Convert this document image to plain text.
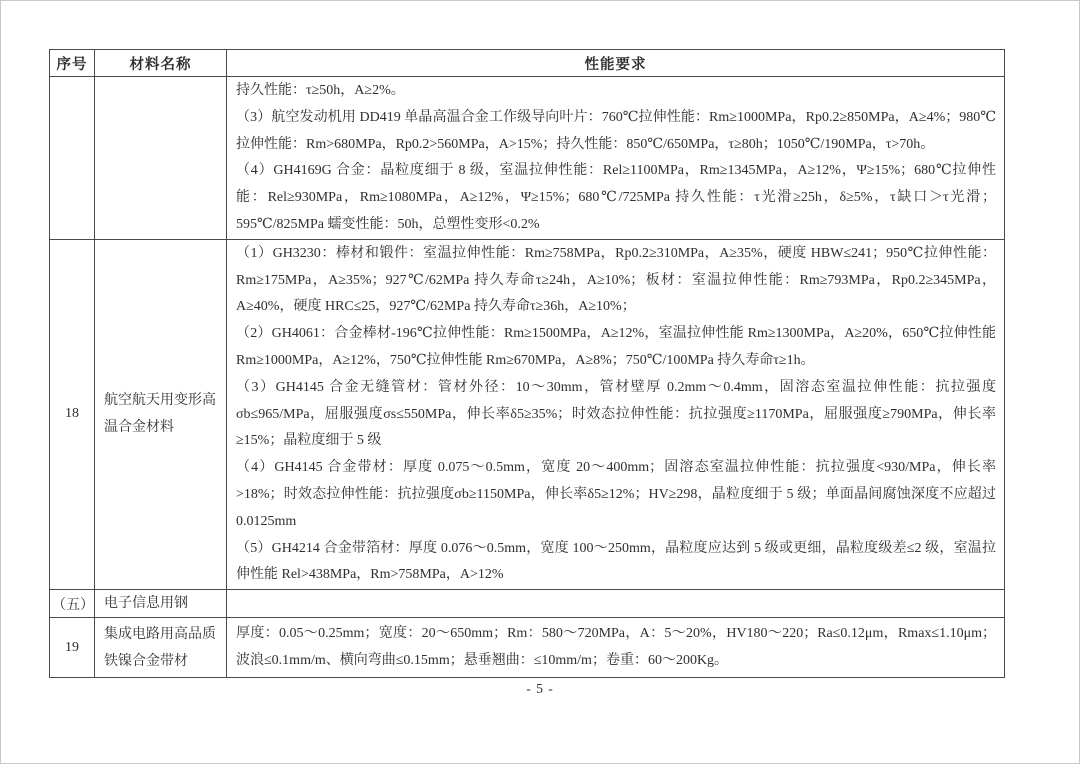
序号	材料名称	性能要求

		持久性能：τ≥50h，A≥2%。

（3）航空发动机用 DD419 单晶高温合金工作级导向叶片：760℃拉伸性能：Rm≥1000MPa，Rp0.2≥850MPa，A≥4%；980℃拉伸性能：Rm>680MPa，Rp0.2>560MPa，A>15%；持久性能：850℃/650MPa，τ≥80h；1050℃/190MPa，τ>70h。

（4）GH4169G 合金：晶粒度细于 8 级，室温拉伸性能：Rel≥1100MPa，Rm≥1345MPa，A≥12%，Ψ≥15%；680℃拉伸性能：Rel≥930MPa，Rm≥1080MPa，A≥12%，Ψ≥15%；680℃/725MPa 持久性能：τ光滑≥25h，δ≥5%，τ缺口＞τ光滑；595℃/825MPa 蠕变性能：50h，总塑性变形<0.2%

18	航空航天用变形高温合金材料	（1）GH3230：棒材和锻件：室温拉伸性能：Rm≥758MPa，Rp0.2≥310MPa，A≥35%，硬度 HBW≤241；950℃拉伸性能：Rm≥175MPa，A≥35%；927℃/62MPa 持久寿命τ≥24h，A≥10%；板材：室温拉伸性能：Rm≥793MPa，Rp0.2≥345MPa，A≥40%，硬度 HRC≤25，927℃/62MPa 持久寿命τ≥36h，A≥10%；

（2）GH4061：合金棒材-196℃拉伸性能：Rm≥1500MPa，A≥12%，室温拉伸性能 Rm≥1300MPa，A≥20%，650℃拉伸性能 Rm≥1000MPa，A≥12%，750℃拉伸性能 Rm≥670MPa，A≥8%；750℃/100MPa 持久寿命τ≥1h。

（3）GH4145 合金无缝管材：管材外径：10～30mm，管材壁厚 0.2mm～0.4mm，固溶态室温拉伸性能：抗拉强度σb≤965/MPa，屈服强度σs≤550MPa，伸长率δ5≥35%；时效态拉伸性能：抗拉强度≥1170MPa，屈服强度≥790MPa，伸长率≥15%；晶粒度细于 5 级

（4）GH4145 合金带材：厚度 0.075～0.5mm，宽度 20～400mm；固溶态室温拉伸性能：抗拉强度<930/MPa，伸长率>18%；时效态拉伸性能：抗拉强度σb≥1150MPa，伸长率δ5≥12%；HV≥298，晶粒度细于 5 级；单面晶间腐蚀深度不应超过 0.0125mm

（5）GH4214 合金带箔材：厚度 0.076～0.5mm，宽度 100～250mm，晶粒度应达到 5 级或更细，晶粒度级差≤2 级，室温拉伸性能 Rel>438MPa，Rm>758MPa，A>12%

（五）	电子信息用钢	
19	集成电路用高品质铁镍合金带材	厚度：0.05～0.25mm；宽度：20～650mm；Rm：580～720MPa，A：5～20%，HV180～220；Ra≤0.12μm，Rmax≤1.10μm；波浪≤0.1mm/m、横向弯曲≤0.15mm；悬垂翘曲：≤10mm/m；卷重：60～200Kg。

- 5 -
